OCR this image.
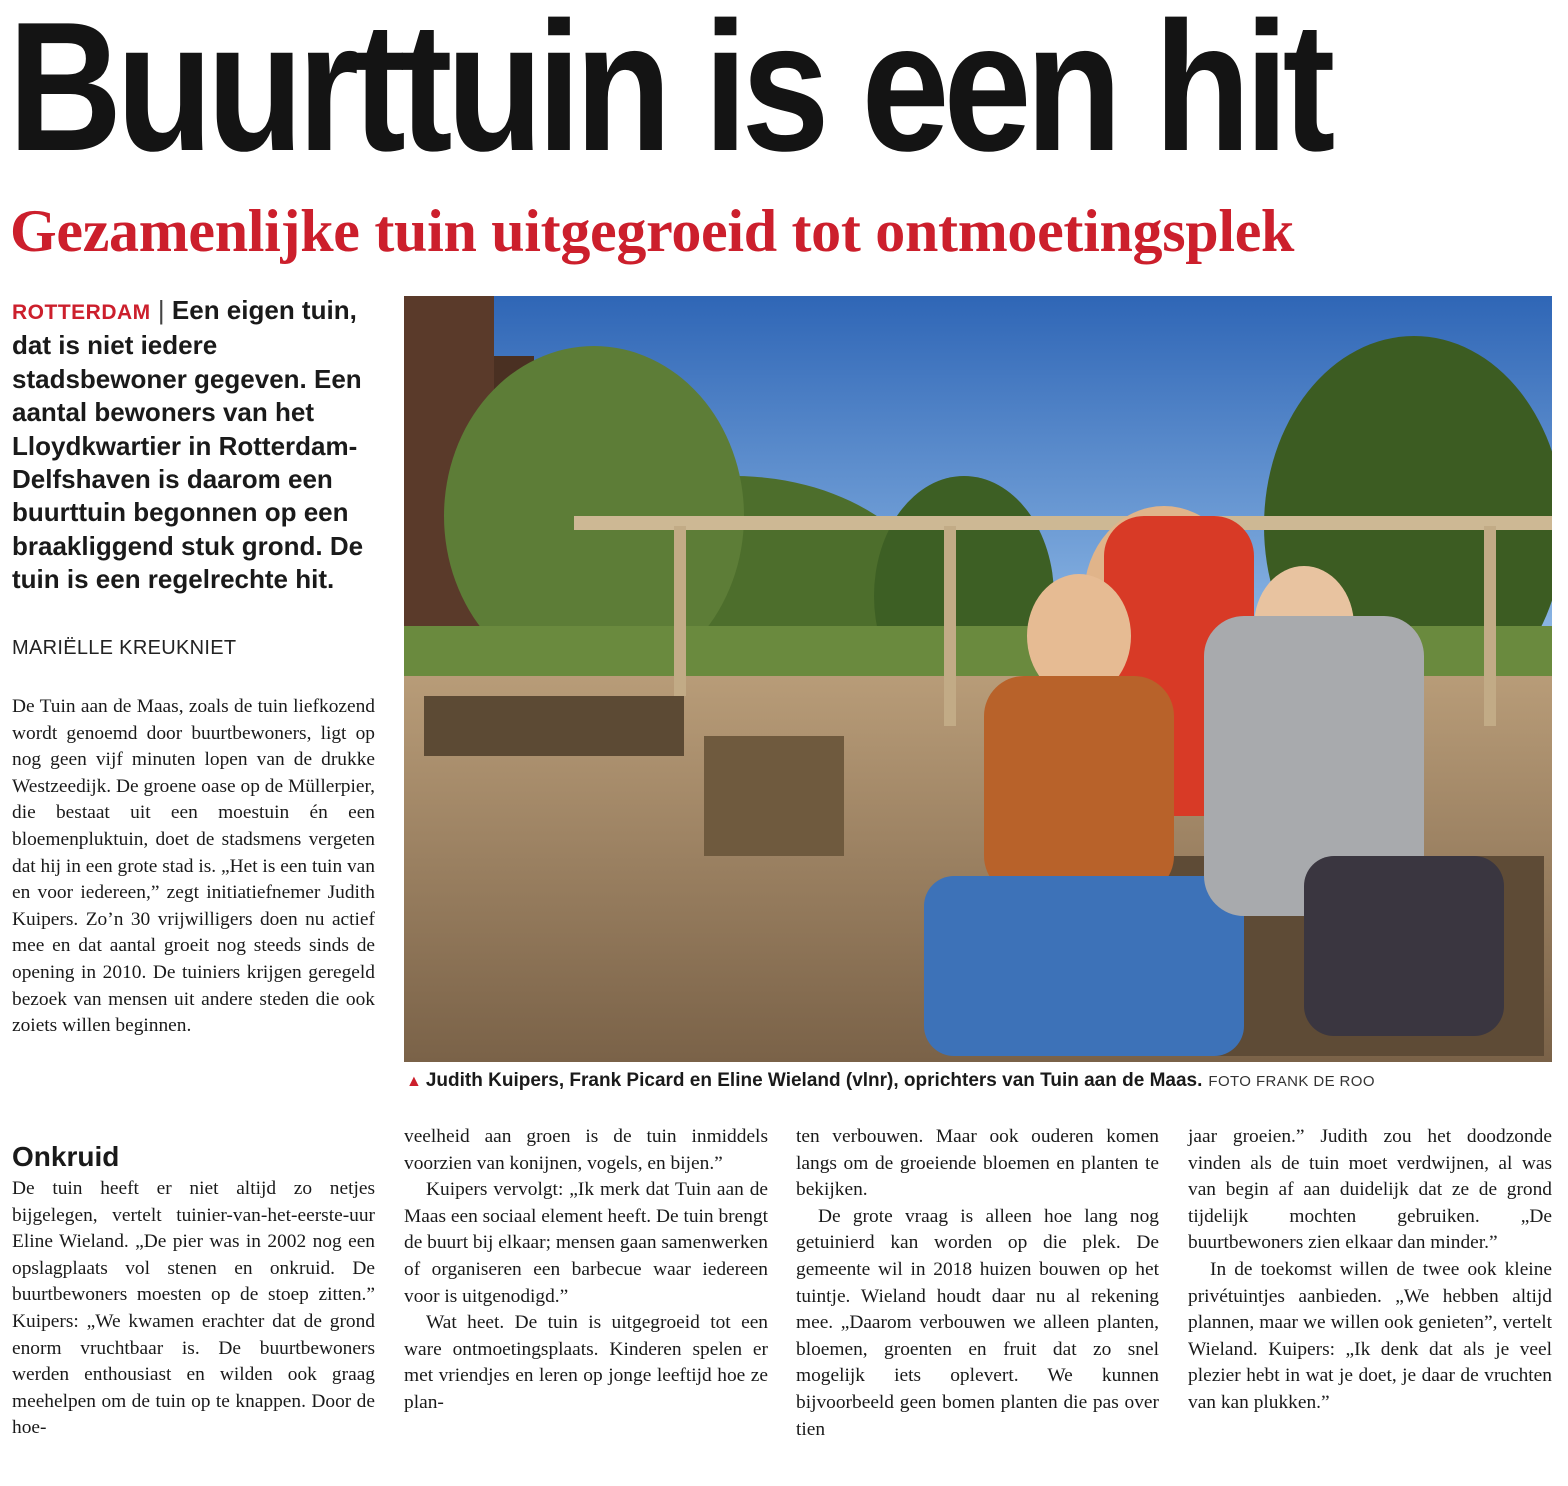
Buurttuin is een hit
Gezamenlijke tuin uitgegroeid tot ontmoetingsplek
ROTTERDAM | Een eigen tuin, dat is niet iedere stadsbewoner gegeven. Een aantal bewoners van het Lloydkwartier in Rotterdam-Delfshaven is daarom een buurttuin begonnen op een braakliggend stuk grond. De tuin is een regelrechte hit.
MARIËLLE KREUKNIET

De Tuin aan de Maas, zoals de tuin liefkozend wordt genoemd door buurtbewoners, ligt op nog geen vijf minuten lopen van de drukke Westzeedijk. De groene oase op de Müllerpier, die bestaat uit een moestuin én een bloemenpluktuin, doet de stadsmens vergeten dat hij in een grote stad is. „Het is een tuin van en voor iedereen,” zegt initiatiefnemer Judith Kuipers. Zo’n 30 vrijwilligers doen nu actief mee en dat aantal groeit nog steeds sinds de opening in 2010. De tuiniers krijgen geregeld bezoek van mensen uit andere steden die ook zoiets willen beginnen.

Onkruid

De tuin heeft er niet altijd zo netjes bijgelegen, vertelt tuinier-van-het-eerste-uur Eline Wieland. „De pier was in 2002 nog een opslagplaats vol stenen en onkruid. De buurtbewoners moesten op de stoep zitten.” Kuipers: „We kwamen erachter dat de grond enorm vruchtbaar is. De buurtbewoners werden enthousiast en wilden ook graag meehelpen om de tuin op te knappen. Door de hoe-

▲ Judith Kuipers, Frank Picard en Eline Wieland (vlnr), oprichters van Tuin aan de Maas. FOTO FRANK DE ROO

veelheid aan groen is de tuin inmiddels voorzien van konijnen, vogels, en bijen.”

Kuipers vervolgt: „Ik merk dat Tuin aan de Maas een sociaal element heeft. De tuin brengt de buurt bij elkaar; mensen gaan samenwerken of organiseren een barbecue waar iedereen voor is uitgenodigd.”

Wat heet. De tuin is uitgegroeid tot een ware ontmoetingsplaats. Kinderen spelen er met vriendjes en leren op jonge leeftijd hoe ze plan-

ten verbouwen. Maar ook ouderen komen langs om de groeiende bloemen en planten te bekijken.

De grote vraag is alleen hoe lang nog getuinierd kan worden op die plek. De gemeente wil in 2018 huizen bouwen op het tuintje. Wieland houdt daar nu al rekening mee. „Daarom verbouwen we alleen planten, bloemen, groenten en fruit dat zo snel mogelijk iets oplevert. We kunnen bijvoorbeeld geen bomen planten die pas over tien

jaar groeien.” Judith zou het doodzonde vinden als de tuin moet verdwijnen, al was van begin af aan duidelijk dat ze de grond tijdelijk mochten gebruiken. „De buurtbewoners zien elkaar dan minder.”

In de toekomst willen de twee ook kleine privétuintjes aanbieden. „We hebben altijd plannen, maar we willen ook genieten”, vertelt Wieland. Kuipers: „Ik denk dat als je veel plezier hebt in wat je doet, je daar de vruchten van kan plukken.”
